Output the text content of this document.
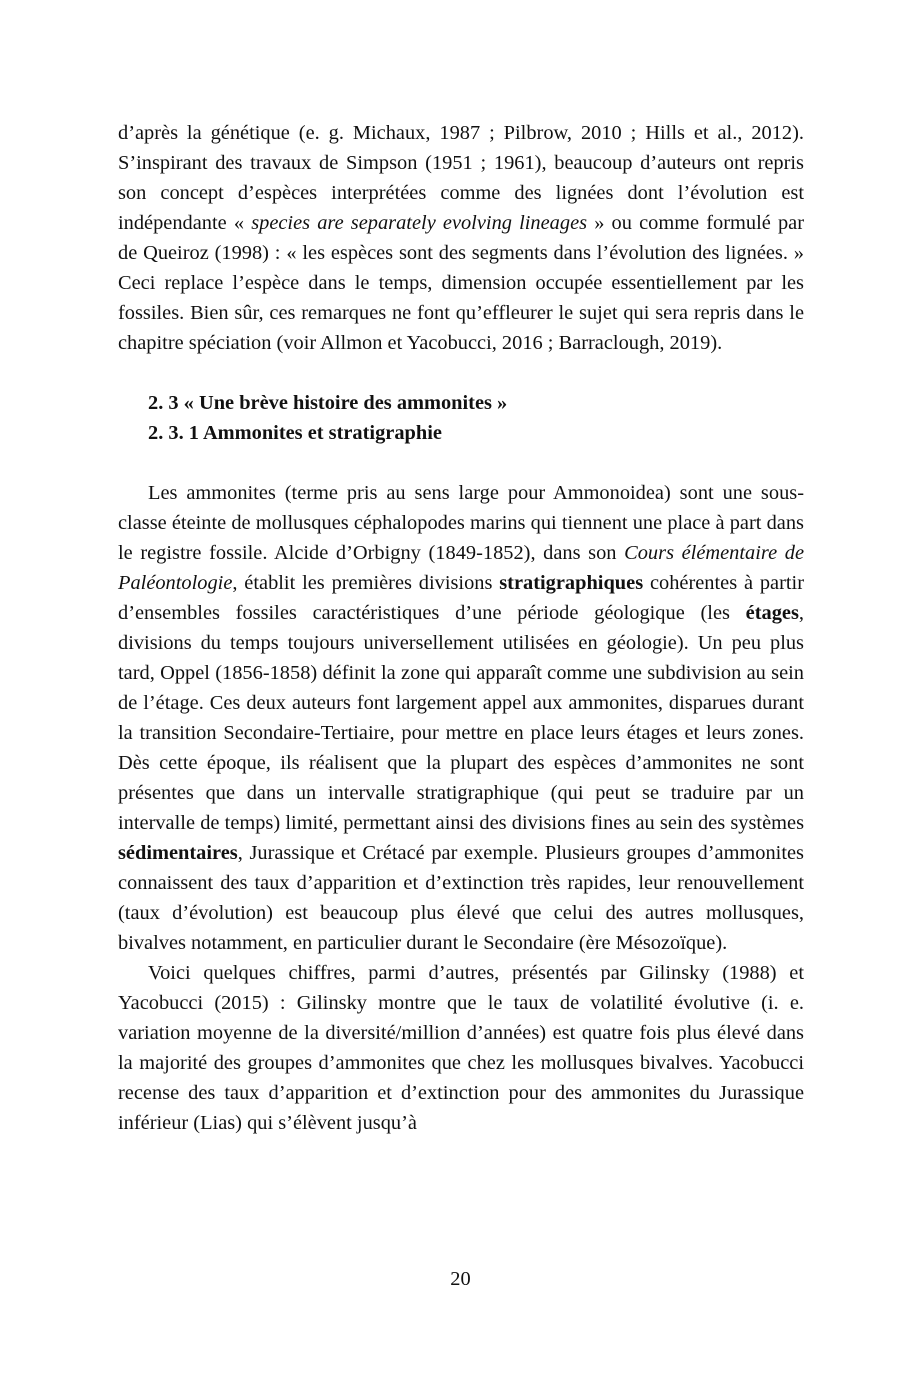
d’après la génétique (e. g. Michaux, 1987 ; Pilbrow, 2010 ; Hills et al., 2012). S’inspirant des travaux de Simpson (1951 ; 1961), beaucoup d’auteurs ont repris son concept d’espèces interprétées comme des lignées dont l’évolution est indépendante « species are separately evolving lineages » ou comme formulé par de Queiroz (1998) : « les espèces sont des segments dans l’évolution des lignées. » Ceci replace l’espèce dans le temps, dimension occupée essentiellement par les fossiles. Bien sûr, ces remarques ne font qu’effleurer le sujet qui sera repris dans le chapitre spéciation (voir Allmon et Yacobucci, 2016 ; Barraclough, 2019).

2. 3 « Une brève histoire des ammonites »

2. 3. 1 Ammonites et stratigraphie

Les ammonites (terme pris au sens large pour Ammonoidea) sont une sous-classe éteinte de mollusques céphalopodes marins qui tiennent une place à part dans le registre fossile. Alcide d’Orbigny (1849-1852), dans son Cours élémentaire de Paléontologie, établit les premières divisions stratigraphiques cohérentes à partir d’ensembles fossiles caractéristiques d’une période géologique (les étages, divisions du temps toujours universellement utilisées en géologie). Un peu plus tard, Oppel (1856-1858) définit la zone qui apparaît comme une subdivision au sein de l’étage. Ces deux auteurs font largement appel aux ammonites, disparues durant la transition Secondaire-Tertiaire, pour mettre en place leurs étages et leurs zones. Dès cette époque, ils réalisent que la plupart des espèces d’ammonites ne sont présentes que dans un intervalle stratigraphique (qui peut se traduire par un intervalle de temps) limité, permettant ainsi des divisions fines au sein des systèmes sédimentaires, Jurassique et Crétacé par exemple. Plusieurs groupes d’ammonites connaissent des taux d’apparition et d’extinction très rapides, leur renouvellement (taux d’évolution) est beaucoup plus élevé que celui des autres mollusques, bivalves notamment, en particulier durant le Secondaire (ère Mésozoïque).

Voici quelques chiffres, parmi d’autres, présentés par Gilinsky (1988) et Yacobucci (2015) : Gilinsky montre que le taux de volatilité évolutive (i. e. variation moyenne de la diversité/million d’années) est quatre fois plus élevé dans la majorité des groupes d’ammonites que chez les mollusques bivalves. Yacobucci recense des taux d’apparition et d’extinction pour des ammonites du Jurassique inférieur (Lias) qui s’élèvent jusqu’à

20
